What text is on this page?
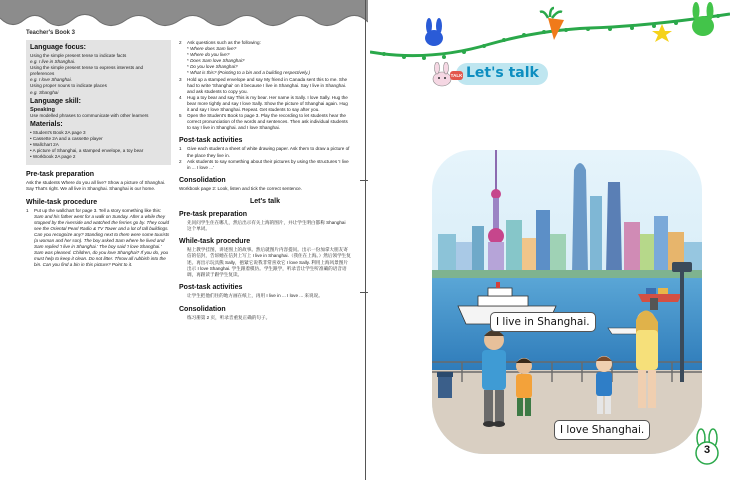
Teacher's Book 3
Language focus:

Using the simple present tense to indicate facts

e.g. I live in Shanghai.

Using the simple present tense to express interests and preferences

e.g. I love Shanghai.

Using proper nouns to indicate places

e.g. Shanghai

Language skill:

Speaking

Use modelled phrases to communicate with other learners

Materials:
• Student's Book 2A page 3
• Cassette 2A and a cassette player
• Wallchart 2A
• A picture of Shanghai, a stamped envelope, a toy bear
• Workbook 2A page 2
Pre-task preparation

Ask the students Where do you all live? Show a picture of Shanghai. Say That's right. We all live in Shanghai. Shanghai is our home.

While-task procedure
1 Put up the wallchart for page 3. Tell a story something like this:

Sam and his father went for a walk on Sunday. After a while they stopped by the riverside and watched the ferries go by. They could see the Oriental Pearl Radio & TV Tower and a lot of tall buildings. Can you recognize any? Standing next to them were some tourists (a woman and her son). The boy asked Sam where he lived and Sam replied 'I live in Shanghai.' The boy said 'I love Shanghai.' Sam was pleased. Children, do you love Shanghai? If you do, you must help to keep it clean. Do not litter. Throw all rubbish into the bin. Can you find a bin in this picture? Point to it.

2 Ask questions such as the following:
* Where does Sam live?
* Where do you live?
* Does Sam love Shanghai?
* Do you love Shanghai?
* What is this? (Pointing to a bin and a building respectively.)
3 Hold up a stamped envelope and say My friend in Canada sent this to me. She had to write 'Shanghai' on it because I live in Shanghai. Say I live in Shanghai. and ask students to copy you.
4 Hug a toy bear and say This is my bear. Her name is Sally. I love Sally. Hug the bear more tightly and say I love Sally. Show the picture of Shanghai again. Hug it and say I love Shanghai. Repeat. Get students to say after you.
5 Open the Student's Book to page 3. Play the recording to let students hear the correct pronunciation of the words and sentences. Then ask individual students to say I live in Shanghai. and I love Shanghai.
Post-task activities
1 Give each student a sheet of white drawing paper. Ask them to draw a picture of the place they live in.
2 Ask students to say something about their pictures by using the structures 'I live in ... I love ...'
Consolidation

Workbook page 2: Look, listen and tick the correct sentence.

Let's talk
Pre-task preparation

先问问学生住在哪儿，然后出示有关上海的图片，并让学生明白都称 Shanghai 这个单词。

While-task procedure

贴上教学挂图，讲述图上的故事。然后就图片内容提问。出示一份加拿大朋友寄信的信封，告诉她在信封上写上 I live in Shanghai.（我住在上海。）然后领学生复述。再出示玩具熊 Sally，抱紧它说我非常喜欢它 I love Sally. 利用上海风景图片出示 I love Shanghai. 学生跟着模仿。学生跟学，听录音让学生听准确的语音语调，再跟读于跟学生复读。

Post-task activities

让学生把他们住的地方画在纸上，再用 I live in ... I love ... 来说说。

Consolidation

练习册第 2 页，听录音重复正确的句子。

Let's talk
TALK
I live in Shanghai.
I love Shanghai.
3
